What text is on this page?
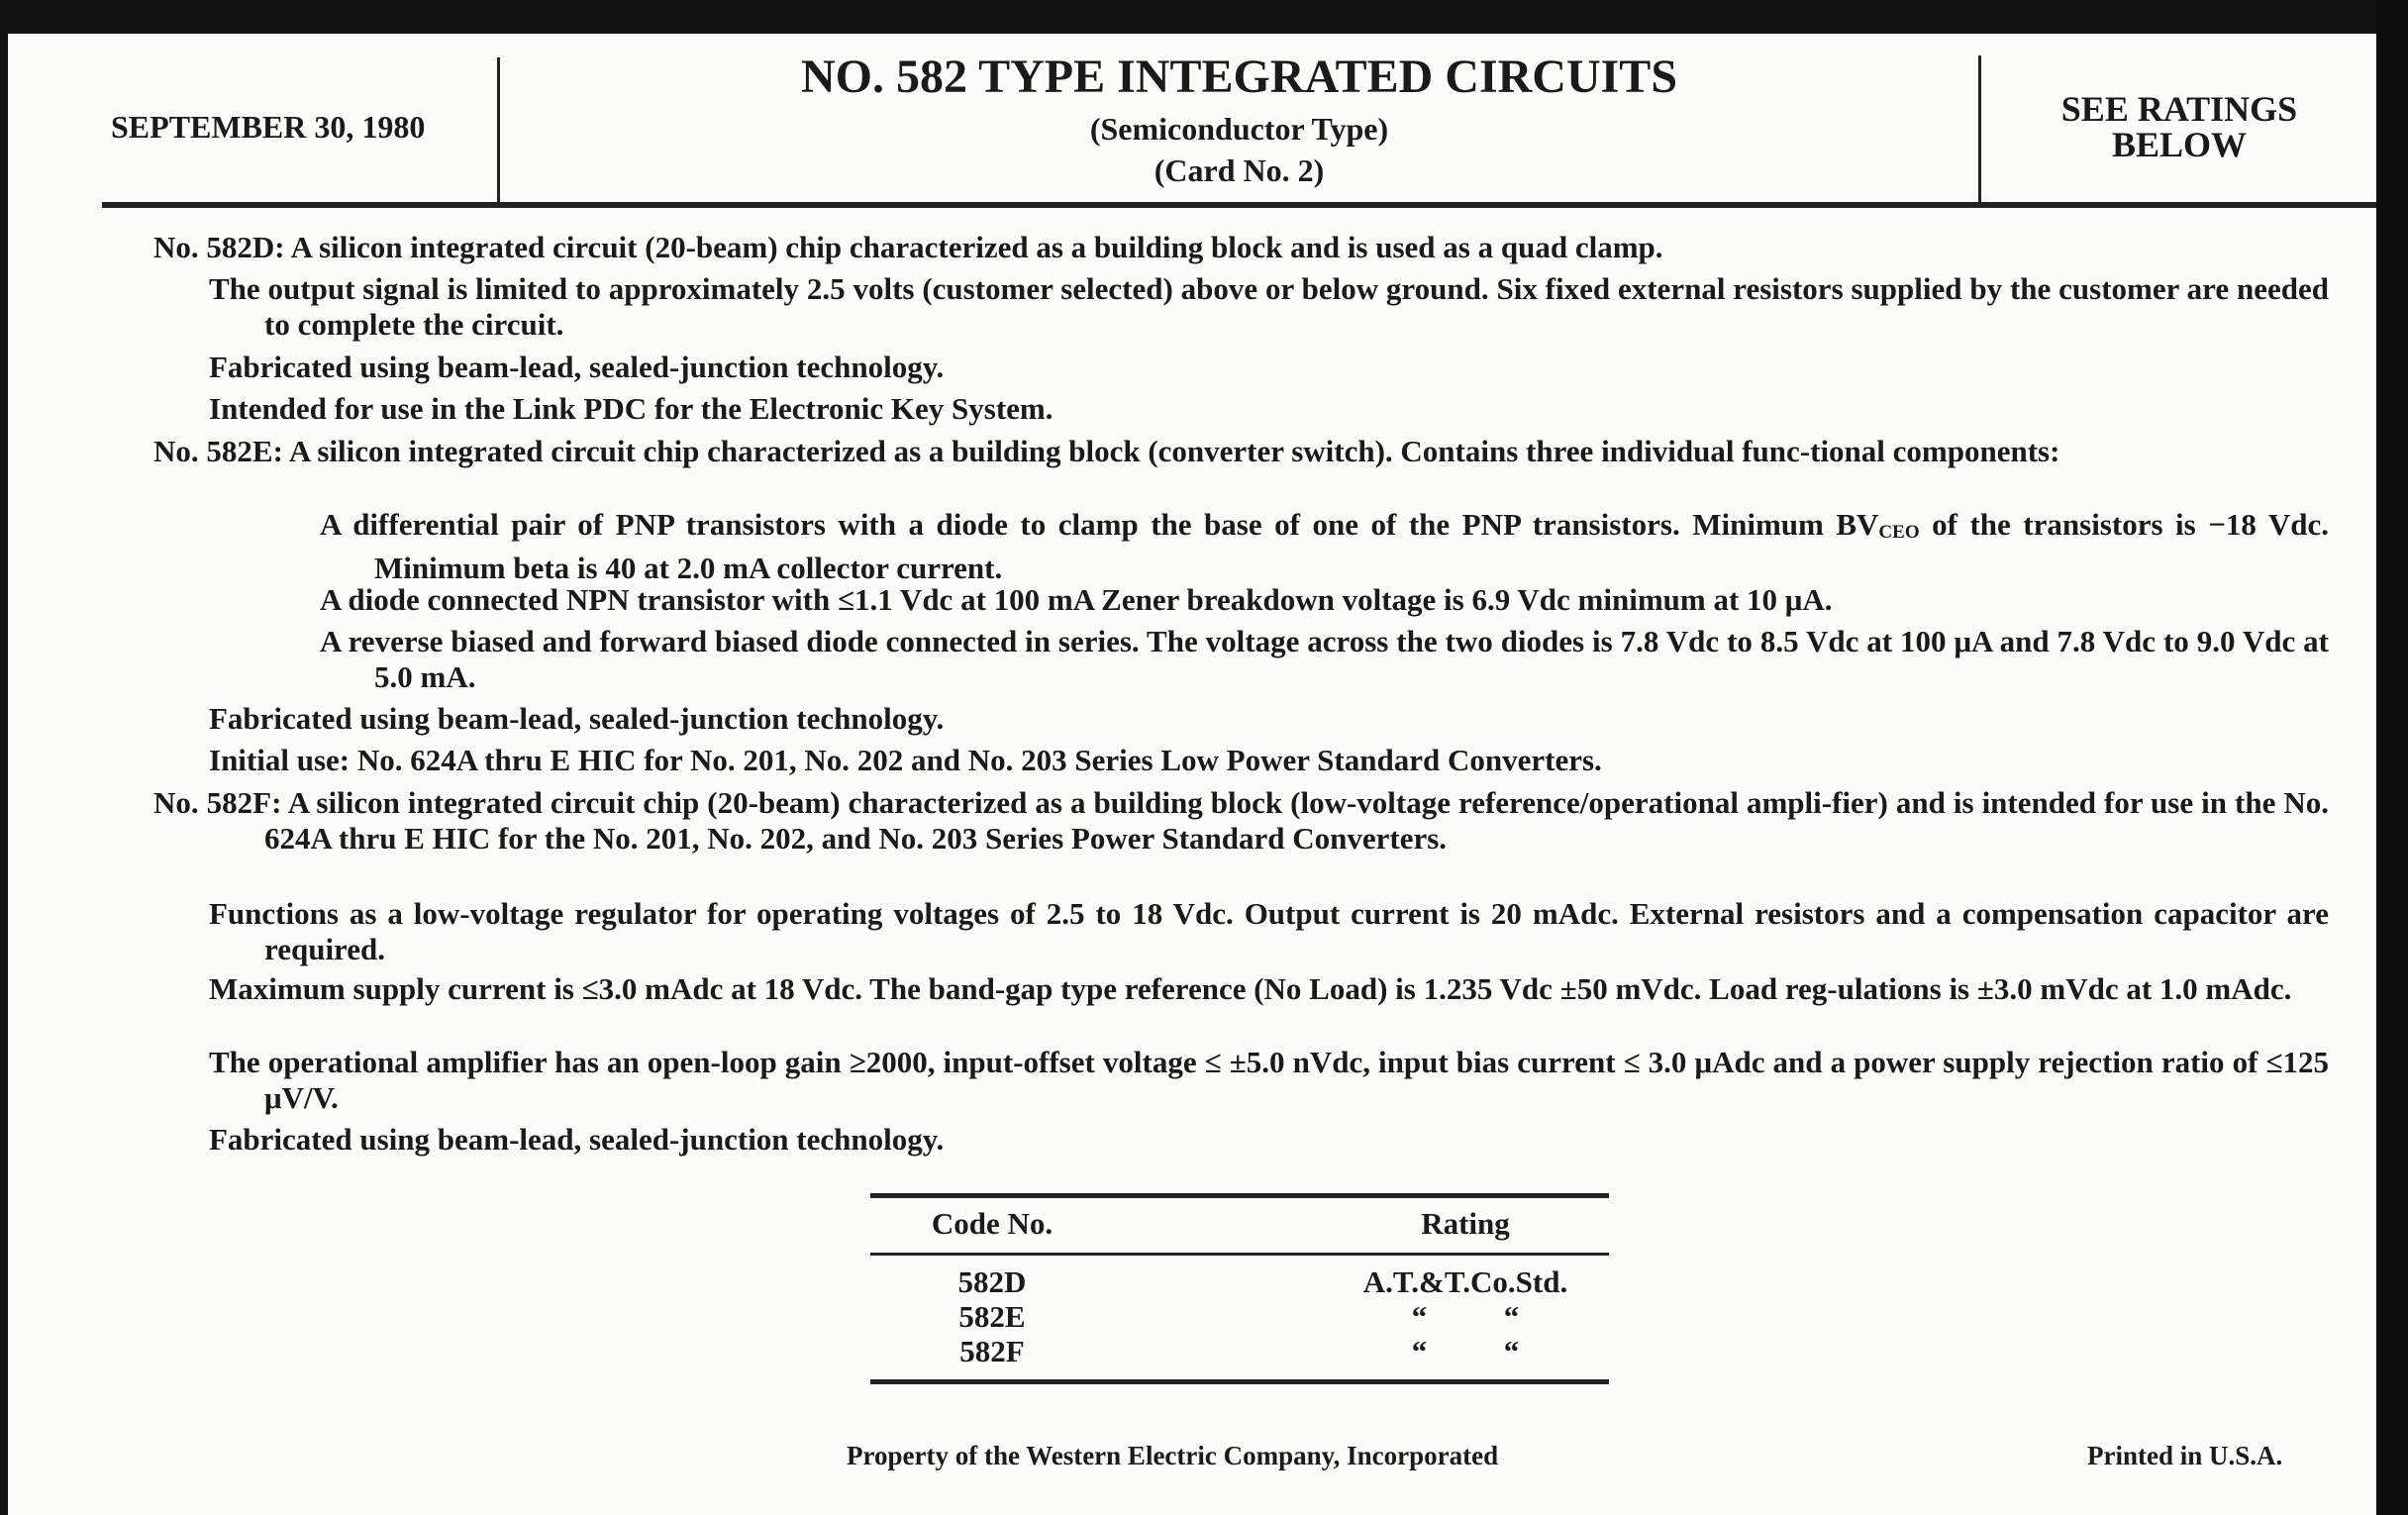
SEPTEMBER 30, 1980
NO. 582 TYPE INTEGRATED CIRCUITS
(Semiconductor Type)
(Card No. 2)
SEE RATINGS
BELOW
No. 582D: A silicon integrated circuit (20-beam) chip characterized as a building block and is used as a quad clamp.
The output signal is limited to approximately 2.5 volts (customer selected) above or below ground. Six fixed external resistors supplied by the customer are needed to complete the circuit.
Fabricated using beam-lead, sealed-junction technology.
Intended for use in the Link PDC for the Electronic Key System.
No. 582E: A silicon integrated circuit chip characterized as a building block (converter switch). Contains three individual func-tional components:
A differential pair of PNP transistors with a diode to clamp the base of one of the PNP transistors. Minimum BVCEO of the transistors is −18 Vdc. Minimum beta is 40 at 2.0 mA collector current.
A diode connected NPN transistor with ≤1.1 Vdc at 100 mA Zener breakdown voltage is 6.9 Vdc minimum at 10 μA.
A reverse biased and forward biased diode connected in series. The voltage across the two diodes is 7.8 Vdc to 8.5 Vdc at 100 μA and 7.8 Vdc to 9.0 Vdc at 5.0 mA.
Fabricated using beam-lead, sealed-junction technology.
Initial use: No. 624A thru E HIC for No. 201, No. 202 and No. 203 Series Low Power Standard Converters.
No. 582F: A silicon integrated circuit chip (20-beam) characterized as a building block (low-voltage reference/operational ampli-fier) and is intended for use in the No. 624A thru E HIC for the No. 201, No. 202, and No. 203 Series Power Standard Converters.
Functions as a low-voltage regulator for operating voltages of 2.5 to 18 Vdc. Output current is 20 mAdc. External resistors and a compensation capacitor are required.
Maximum supply current is ≤3.0 mAdc at 18 Vdc. The band-gap type reference (No Load) is 1.235 Vdc ±50 mVdc. Load reg-ulations is ±3.0 mVdc at 1.0 mAdc.
The operational amplifier has an open-loop gain ≥2000, input-offset voltage ≤ ±5.0 nVdc, input bias current ≤ 3.0 μAdc and a power supply rejection ratio of ≤125 μV/V.
Fabricated using beam-lead, sealed-junction technology.
Code No.	Rating
582D	A.T.&T.Co.Std.
582E	“          “
582F	“          “
Property of the Western Electric Company, Incorporated	Printed in U.S.A.
